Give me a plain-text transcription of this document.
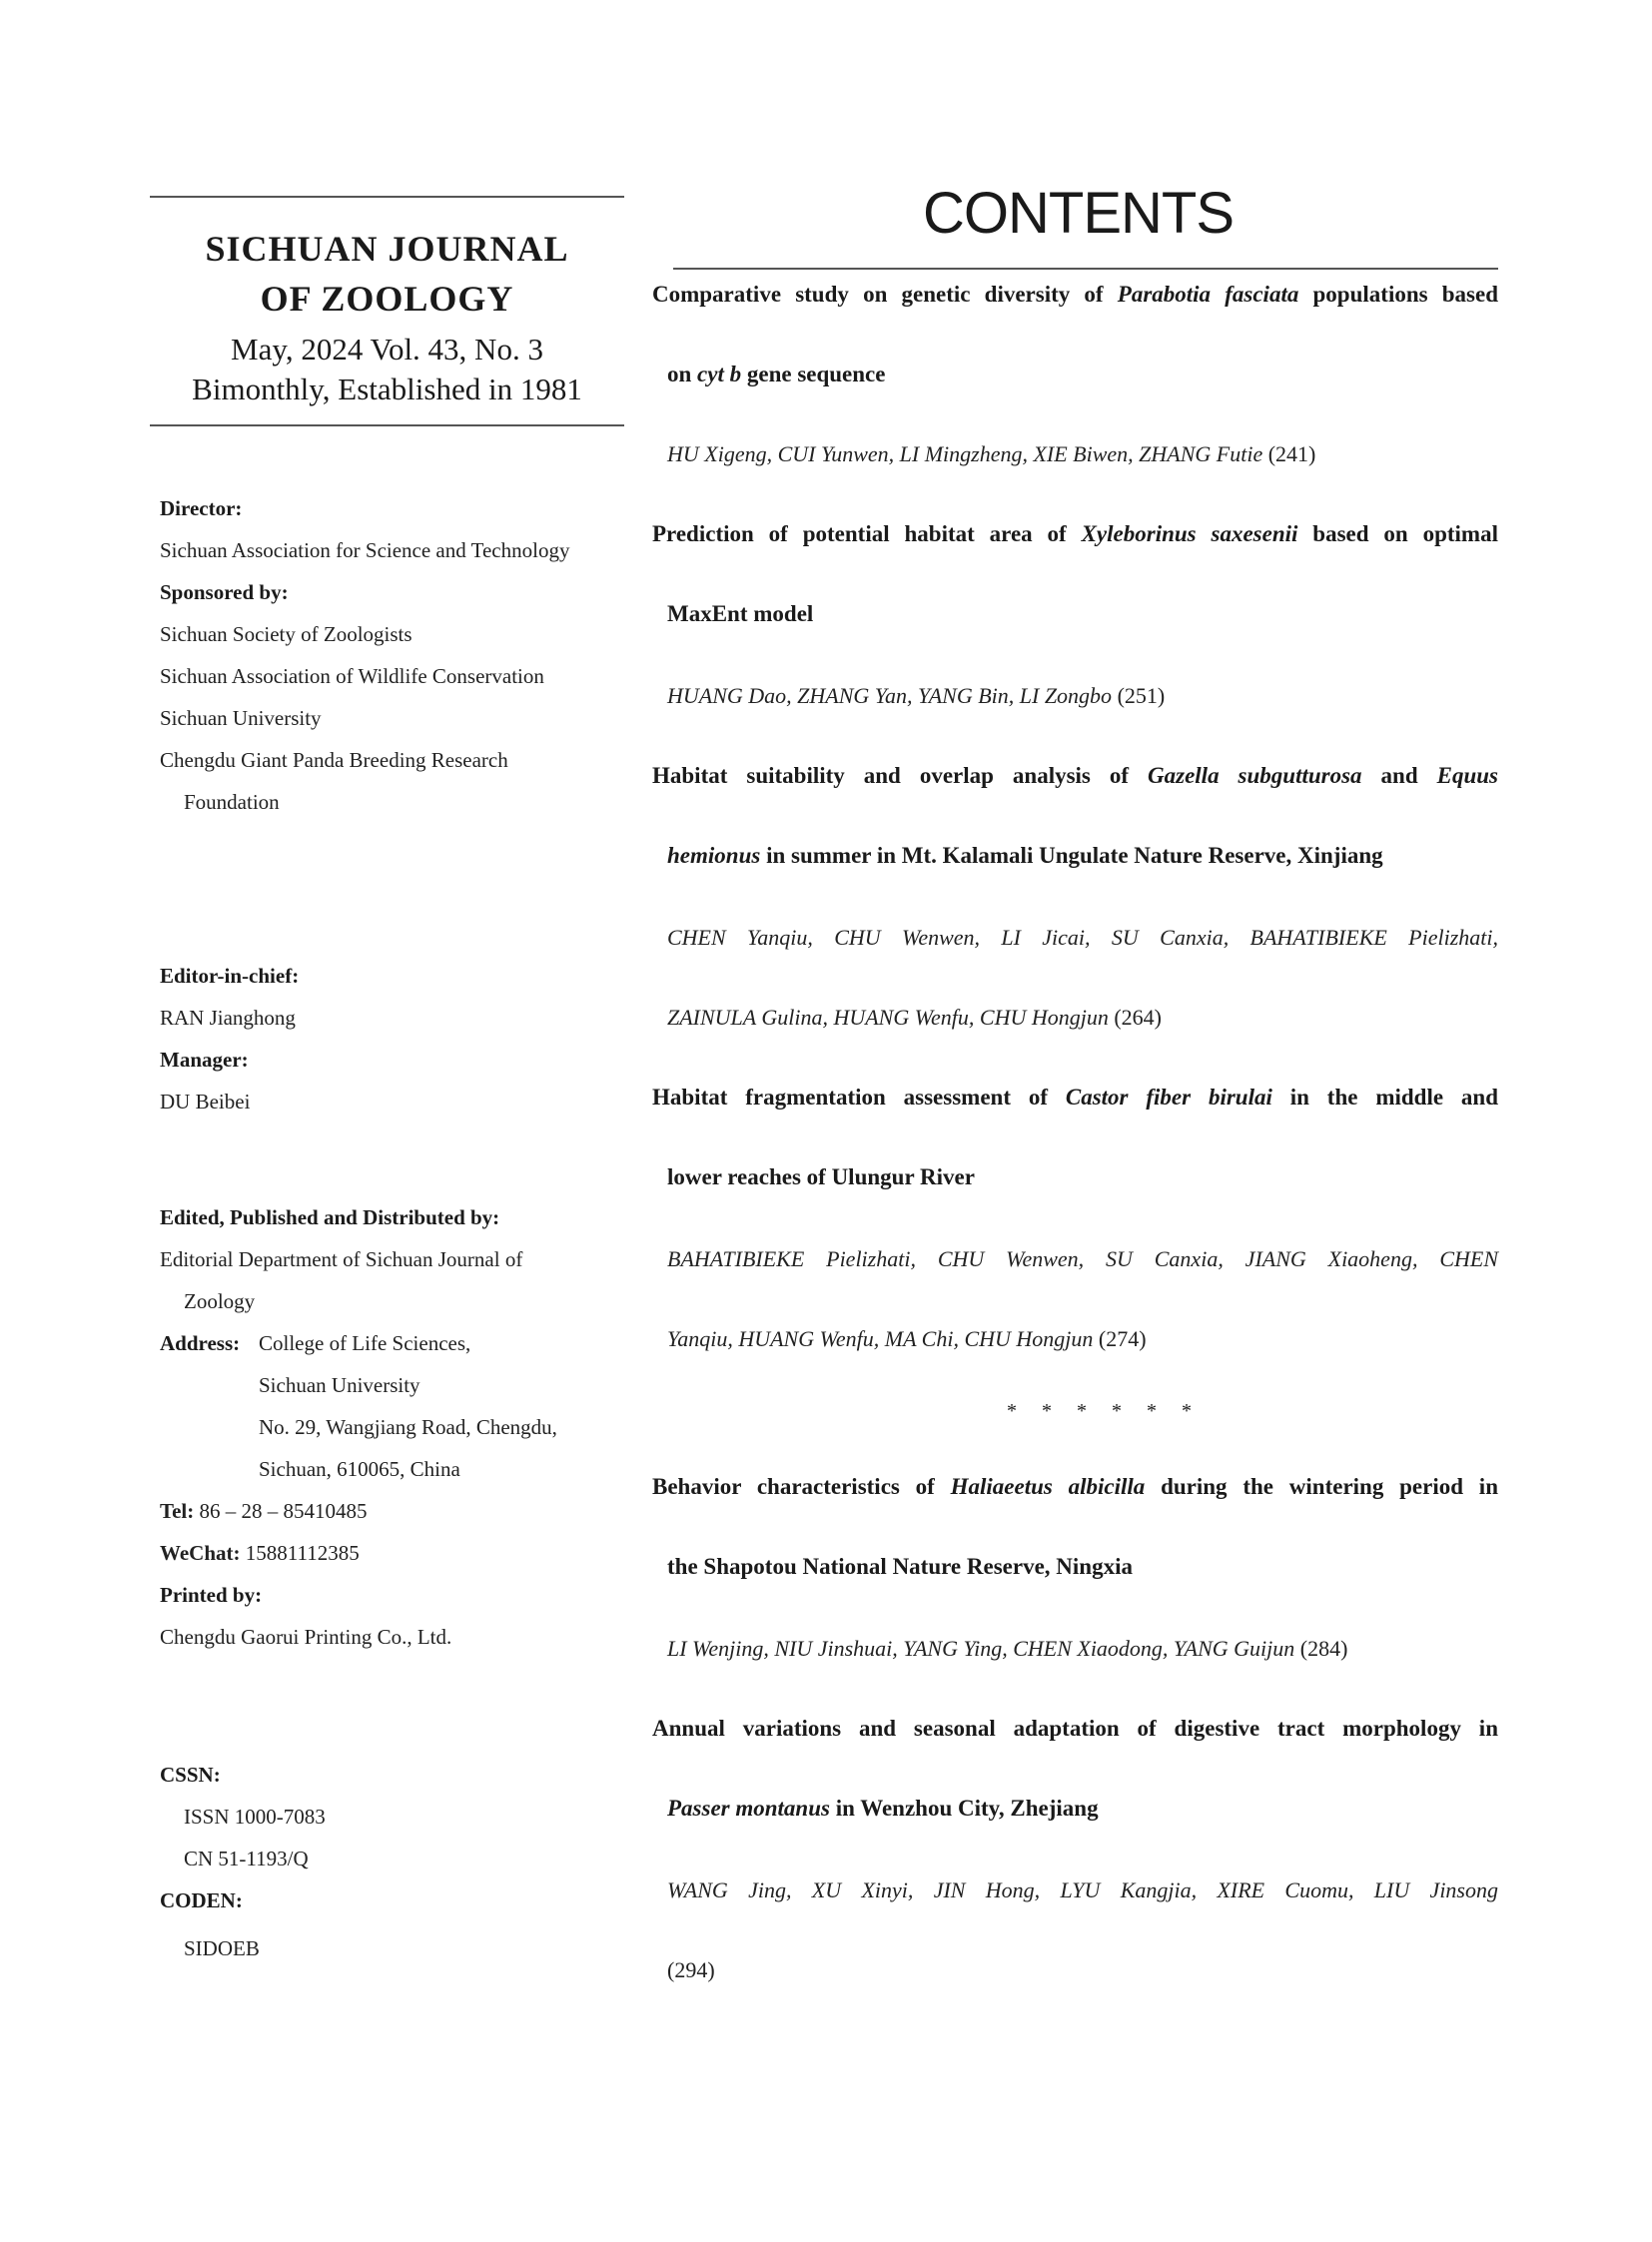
SICHUAN JOURNAL
OF ZOOLOGY
May, 2024 Vol. 43, No. 3
Bimonthly, Established in 1981
Director:
Sichuan Association for Science and Technology
Sponsored by:
Sichuan Society of Zoologists
Sichuan Association of Wildlife Conservation
Sichuan University
Chengdu Giant Panda Breeding Research
Foundation
Editor-in-chief:
RAN Jianghong
Manager:
DU Beibei
Edited, Published and Distributed by:
Editorial Department of Sichuan Journal of
Zoology
Address: College of Life Sciences,
Sichuan University
No. 29, Wangjiang Road, Chengdu,
Sichuan, 610065, China
Tel: 86 – 28 – 85410485
WeChat: 15881112385
Printed by:
Chengdu Gaorui Printing Co., Ltd.
CSSN:
ISSN 1000-7083
CN 51-1193/Q
CODEN:
SIDOEB
CONTENTS
Comparative study on genetic diversity of Parabotia fasciata populations based
on cyt b gene sequence
HU Xigeng, CUI Yunwen, LI Mingzheng, XIE Biwen, ZHANG Futie (241)
Prediction of potential habitat area of Xyleborinus saxesenii based on optimal
MaxEnt model
HUANG Dao, ZHANG Yan, YANG Bin, LI Zongbo (251)
Habitat suitability and overlap analysis of Gazella subgutturosa and Equus
hemionus in summer in Mt. Kalamali Ungulate Nature Reserve, Xinjiang
CHEN Yanqiu, CHU Wenwen, LI Jicai, SU Canxia, BAHATIBIEKE Pielizhati,
ZAINULA Gulina, HUANG Wenfu, CHU Hongjun (264)
Habitat fragmentation assessment of Castor fiber birulai in the middle and
lower reaches of Ulungur River
BAHATIBIEKE Pielizhati, CHU Wenwen, SU Canxia, JIANG Xiaoheng, CHEN
Yanqiu, HUANG Wenfu, MA Chi, CHU Hongjun (274)
* * * * * *
Behavior characteristics of Haliaeetus albicilla during the wintering period in
the Shapotou National Nature Reserve, Ningxia
LI Wenjing, NIU Jinshuai, YANG Ying, CHEN Xiaodong, YANG Guijun (284)
Annual variations and seasonal adaptation of digestive tract morphology in
Passer montanus in Wenzhou City, Zhejiang
WANG Jing, XU Xinyi, JIN Hong, LYU Kangjia, XIRE Cuomu, LIU Jinsong
(294)
